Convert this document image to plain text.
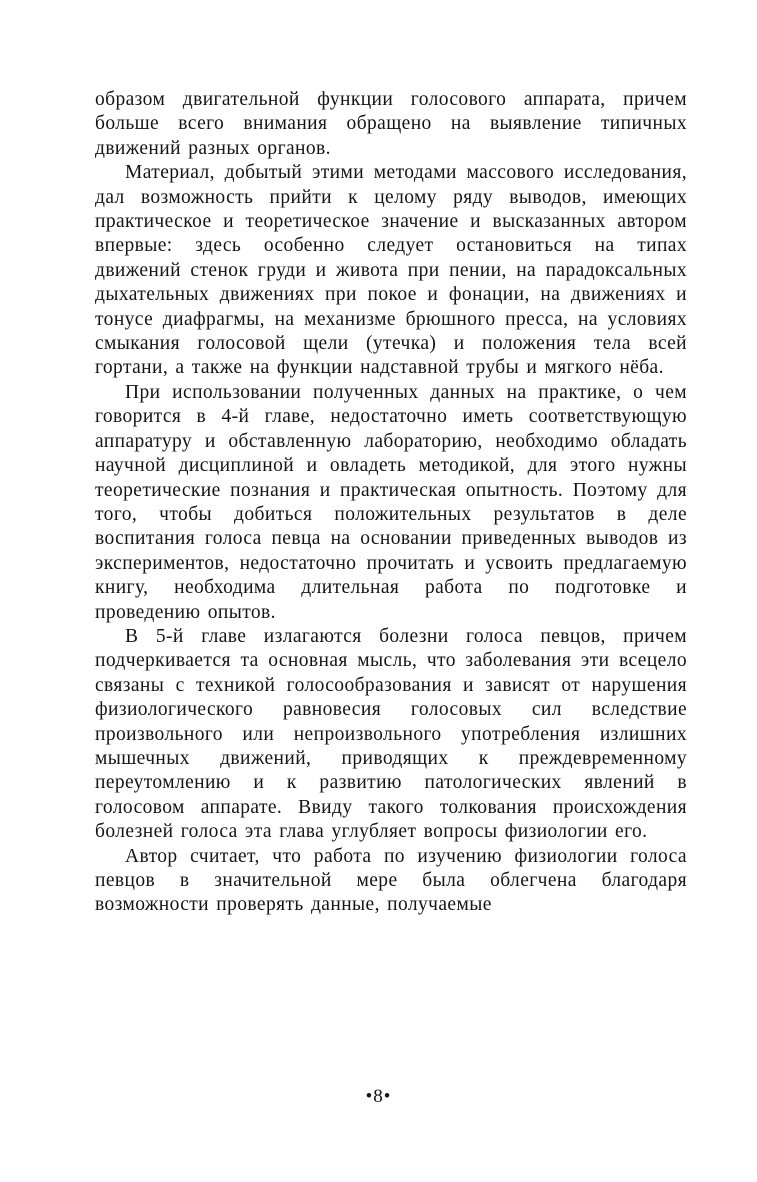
образом двигательной функции голосового аппарата, причем больше всего внимания обращено на выявление типичных движений разных органов.

Материал, добытый этими методами массового исследования, дал возможность прийти к целому ряду выводов, имеющих практическое и теоретическое значение и высказанных автором впервые: здесь особенно следует остановиться на типах движений стенок груди и живота при пении, на парадоксальных дыхательных движениях при покое и фонации, на движениях и тонусе диафрагмы, на механизме брюшного пресса, на условиях смыкания голосовой щели (утечка) и положения тела всей гортани, а также на функции надставной трубы и мягкого нёба.

При использовании полученных данных на практике, о чем говорится в 4-й главе, недостаточно иметь соответствующую аппаратуру и обставленную лабораторию, необходимо обладать научной дисциплиной и овладеть методикой, для этого нужны теоретические познания и практическая опытность. Поэтому для того, чтобы добиться положительных результатов в деле воспитания голоса певца на основании приведенных выводов из экспериментов, недостаточно прочитать и усвоить предлагаемую книгу, необходима длительная работа по подготовке и проведению опытов.

В 5-й главе излагаются болезни голоса певцов, причем подчеркивается та основная мысль, что заболевания эти всецело связаны с техникой голосообразования и зависят от нарушения физиологического равновесия голосовых сил вследствие произвольного или непроизвольного употребления излишних мышечных движений, приводящих к преждевременному переутомлению и к развитию патологических явлений в голосовом аппарате. Ввиду такого толкования происхождения болезней голоса эта глава углубляет вопросы физиологии его.

Автор считает, что работа по изучению физиологии голоса певцов в значительной мере была облегчена благодаря возможности проверять данные, получаемые

•8•
